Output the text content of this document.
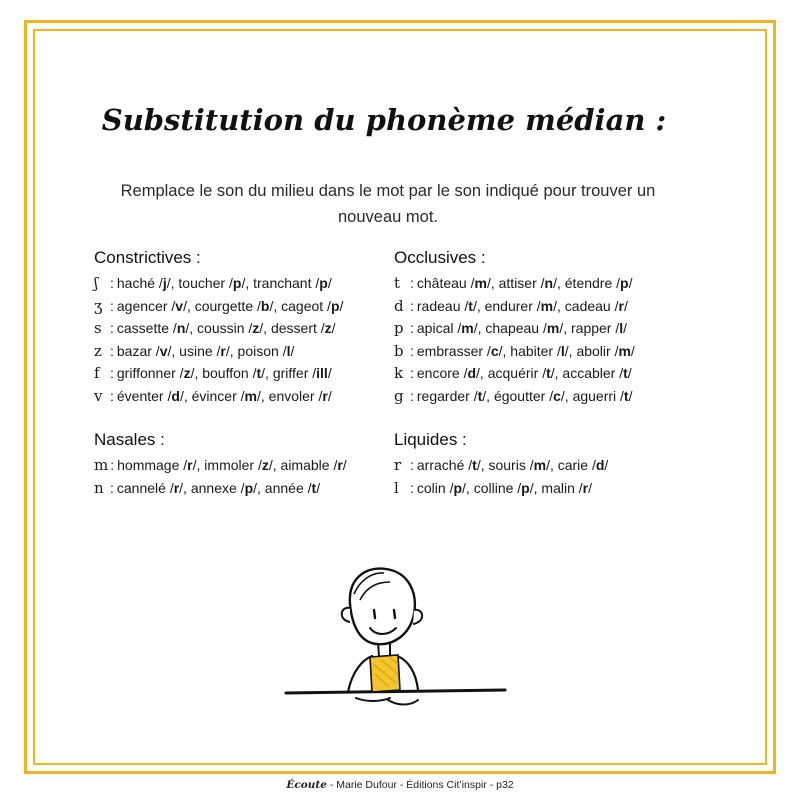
Substitution du phonème médian :
Remplace le son du milieu dans le mot par le son indiqué pour trouver un nouveau mot.
Constrictives :
ʃ : haché /j/, toucher /p/, tranchant /p/
ʒ : agencer /v/, courgette /b/, cageot /p/
s : cassette /n/, coussin /z/, dessert /z/
z : bazar /v/, usine /r/, poison /l/
f : griffonner /z/, bouffon /t/, griffer /ill/
v : éventer /d/, évincer /m/, envoler /r/
Occlusives :
t : château /m/, attiser /n/, étendre /p/
d : radeau /t/, endurer /m/, cadeau /r/
p : apical /m/, chapeau /m/, rapper /l/
b : embrasser /c/, habiter /l/, abolir /m/
k : encore /d/, acquérir /t/, accabler /t/
g : regarder /t/, égoutter /c/, aguerri /t/
Nasales :
m : hommage /r/, immoler /z/, aimable /r/
n : cannelé /r/, annexe /p/, année /t/
Liquides :
r : arraché /t/, souris /m/, carie /d/
l : colin /p/, colline /p/, malin /r/
Écoute - Marie Dufour - Éditions Cit’inspir - p32
